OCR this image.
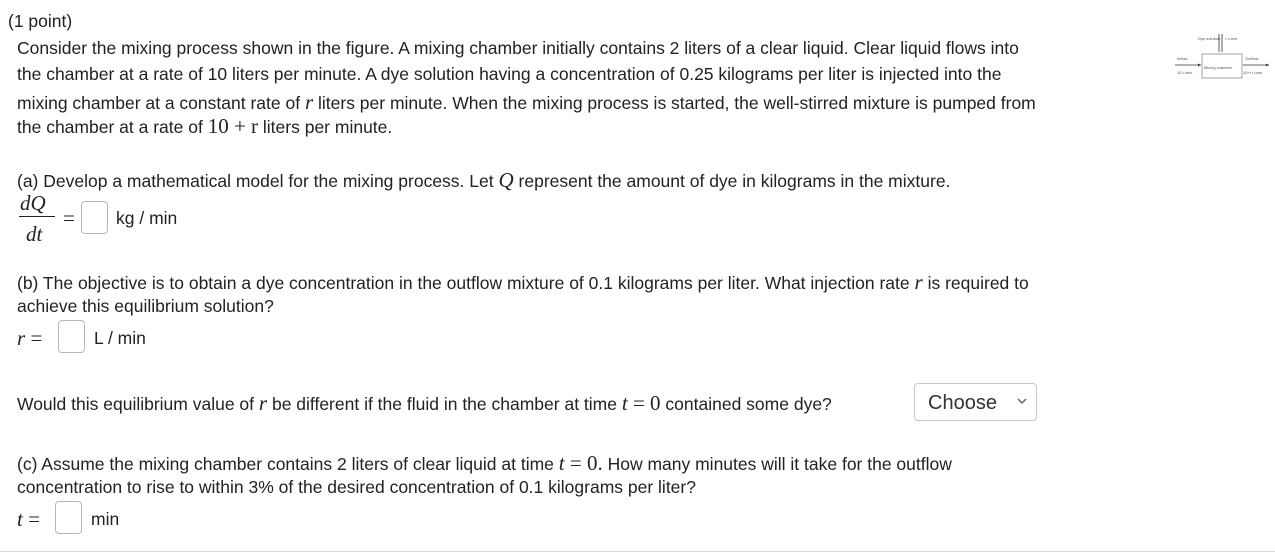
(1 point)
Consider the mixing process shown in the figure. A mixing chamber initially contains 2 liters of a clear liquid. Clear liquid flows into
the chamber at a rate of 10 liters per minute. A dye solution having a concentration of 0.25 kilograms per liter is injected into the
mixing chamber at a constant rate of r liters per minute. When the mixing process is started, the well-stirred mixture is pumped from
the chamber at a rate of 10 + r liters per minute.
(a) Develop a mathematical model for the mixing process. Let Q represent the amount of dye in kilograms in the mixture.
dQ
dt
= kg / min
(b) The objective is to obtain a dye concentration in the outflow mixture of 0.1 kilograms per liter. What injection rate r is required to
achieve this equilibrium solution?
r =	L / min
Would this equilibrium value of r be different if the fluid in the chamber at time t = 0 contained some dye?	Choose
(c) Assume the mixing chamber contains 2 liters of clear liquid at time t = 0. How many minutes will it take for the outflow
concentration to rise to within 3% of the desired concentration of 0.1 kilograms per liter?
t =	min
Dye solution r L/min
Mixing chamber
Inflow
10 L/min
Outflow
10+r L/min
